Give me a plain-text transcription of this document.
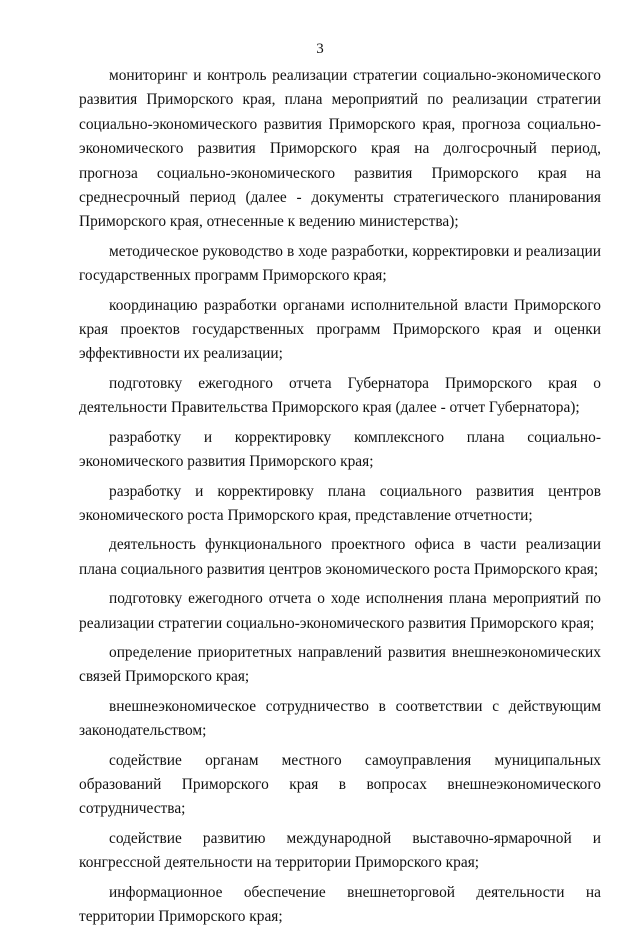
3

мониторинг и контроль реализации стратегии социально-экономического развития Приморского края, плана мероприятий по реализации стратегии социально-экономического развития Приморского края, прогноза социально-экономического развития Приморского края на долгосрочный период, прогноза социально-экономического развития Приморского края на среднесрочный период (далее - документы стратегического планирования Приморского края, отнесенные к ведению министерства);

методическое руководство в ходе разработки, корректировки и реализации государственных программ Приморского края;

координацию разработки органами исполнительной власти Приморского края проектов государственных программ Приморского края и оценки эффективности их реализации;

подготовку ежегодного отчета Губернатора Приморского края о деятельности Правительства Приморского края (далее - отчет Губернатора);

разработку и корректировку комплексного плана социально-экономического развития Приморского края;

разработку и корректировку плана социального развития центров экономического роста Приморского края, представление отчетности;

деятельность функционального проектного офиса в части реализации плана социального развития центров экономического роста Приморского края;

подготовку ежегодного отчета о ходе исполнения плана мероприятий по реализации стратегии социально-экономического развития Приморского края;

определение приоритетных направлений развития внешнеэкономических связей Приморского края;

внешнеэкономическое сотрудничество в соответствии с действующим законодательством;

содействие органам местного самоуправления муниципальных образований Приморского края в вопросах внешнеэкономического сотрудничества;

содействие развитию международной выставочно-ярмарочной и конгрессной деятельности на территории Приморского края;

информационное обеспечение внешнеторговой деятельности на территории Приморского края;
